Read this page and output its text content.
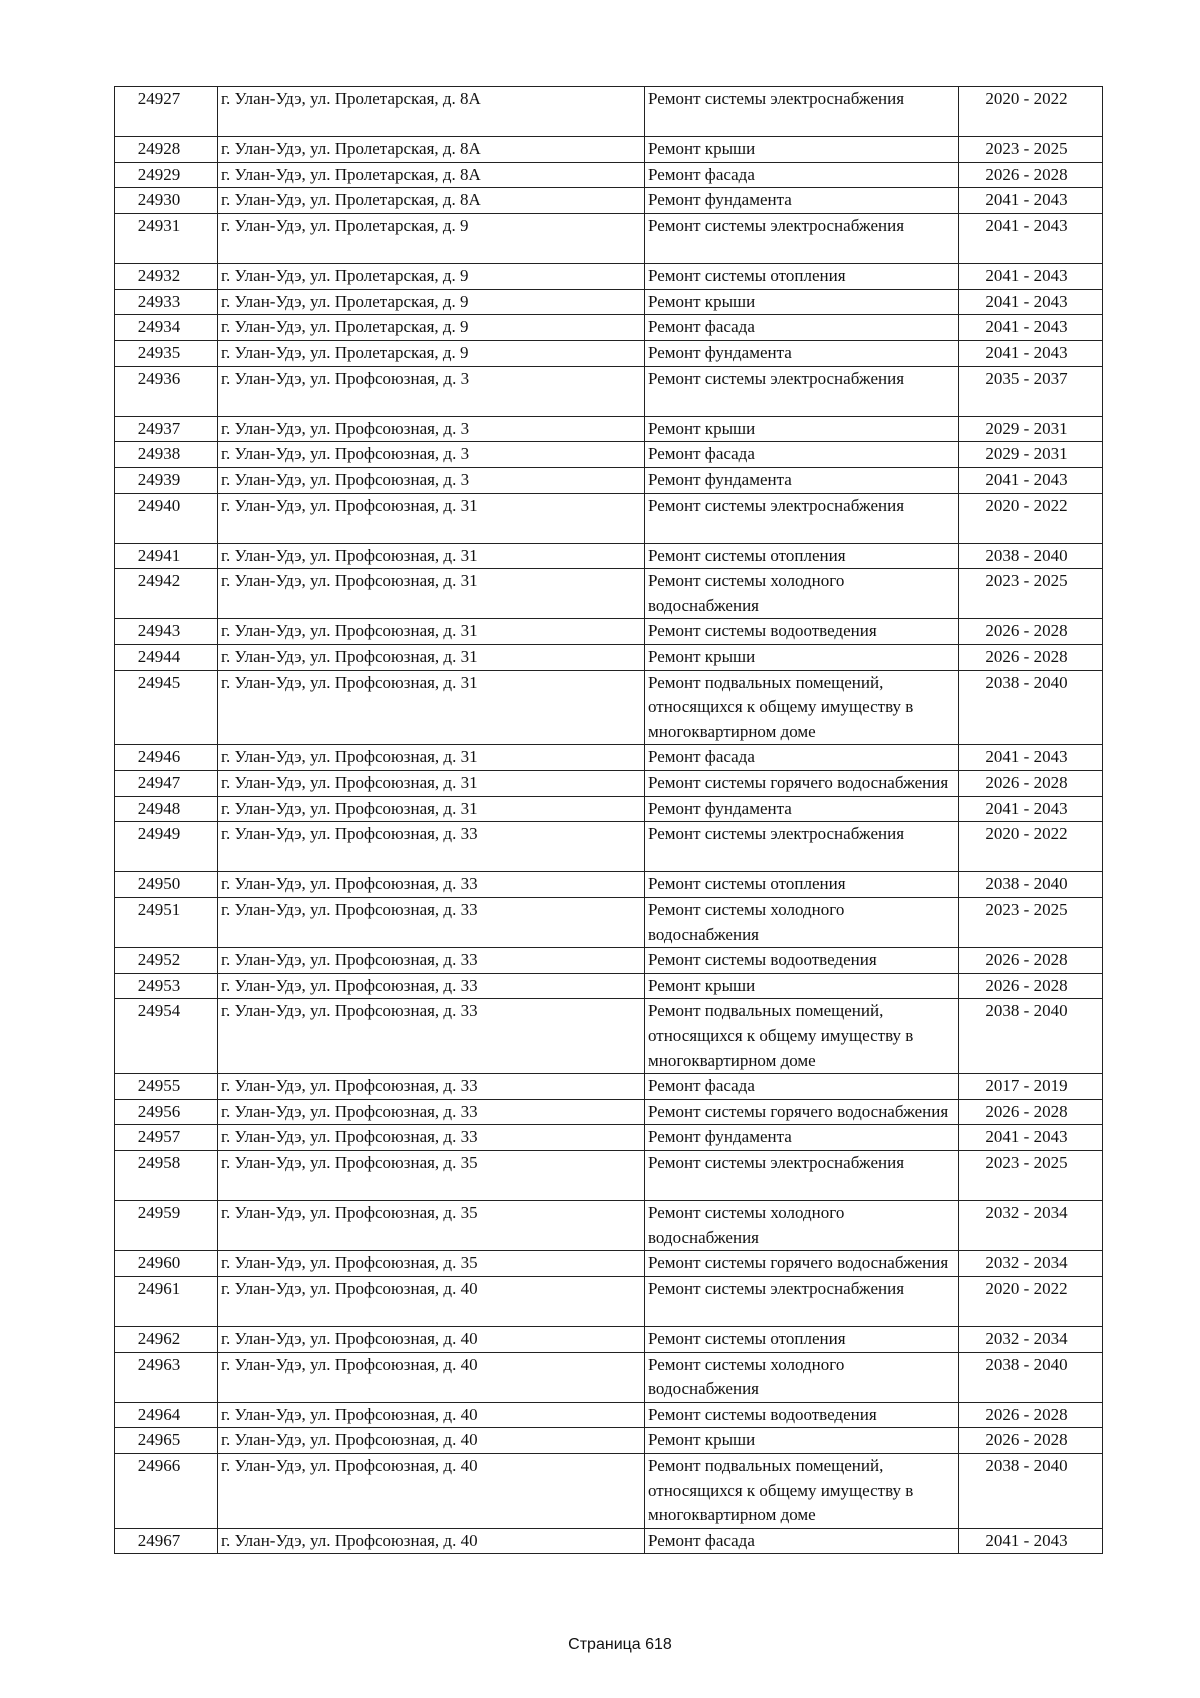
24927	г. Улан-Удэ, ул. Пролетарская, д. 8А	Ремонт системы электроснабжения	2020 - 2022
24928	г. Улан-Удэ, ул. Пролетарская, д. 8А	Ремонт крыши	2023 - 2025
24929	г. Улан-Удэ, ул. Пролетарская, д. 8А	Ремонт фасада	2026 - 2028
24930	г. Улан-Удэ, ул. Пролетарская, д. 8А	Ремонт фундамента	2041 - 2043
24931	г. Улан-Удэ, ул. Пролетарская, д. 9	Ремонт системы электроснабжения	2041 - 2043
24932	г. Улан-Удэ, ул. Пролетарская, д. 9	Ремонт системы отопления	2041 - 2043
24933	г. Улан-Удэ, ул. Пролетарская, д. 9	Ремонт крыши	2041 - 2043
24934	г. Улан-Удэ, ул. Пролетарская, д. 9	Ремонт фасада	2041 - 2043
24935	г. Улан-Удэ, ул. Пролетарская, д. 9	Ремонт фундамента	2041 - 2043
24936	г. Улан-Удэ, ул. Профсоюзная, д. 3	Ремонт системы электроснабжения	2035 - 2037
24937	г. Улан-Удэ, ул. Профсоюзная, д. 3	Ремонт крыши	2029 - 2031
24938	г. Улан-Удэ, ул. Профсоюзная, д. 3	Ремонт фасада	2029 - 2031
24939	г. Улан-Удэ, ул. Профсоюзная, д. 3	Ремонт фундамента	2041 - 2043
24940	г. Улан-Удэ, ул. Профсоюзная, д. 31	Ремонт системы электроснабжения	2020 - 2022
24941	г. Улан-Удэ, ул. Профсоюзная, д. 31	Ремонт системы отопления	2038 - 2040
24942	г. Улан-Удэ, ул. Профсоюзная, д. 31	Ремонт системы холодного водоснабжения	2023 - 2025
24943	г. Улан-Удэ, ул. Профсоюзная, д. 31	Ремонт системы водоотведения	2026 - 2028
24944	г. Улан-Удэ, ул. Профсоюзная, д. 31	Ремонт крыши	2026 - 2028
24945	г. Улан-Удэ, ул. Профсоюзная, д. 31	Ремонт подвальных помещений, относящихся к общему имуществу в многоквартирном доме	2038 - 2040
24946	г. Улан-Удэ, ул. Профсоюзная, д. 31	Ремонт фасада	2041 - 2043
24947	г. Улан-Удэ, ул. Профсоюзная, д. 31	Ремонт системы горячего водоснабжения	2026 - 2028
24948	г. Улан-Удэ, ул. Профсоюзная, д. 31	Ремонт фундамента	2041 - 2043
24949	г. Улан-Удэ, ул. Профсоюзная, д. 33	Ремонт системы электроснабжения	2020 - 2022
24950	г. Улан-Удэ, ул. Профсоюзная, д. 33	Ремонт системы отопления	2038 - 2040
24951	г. Улан-Удэ, ул. Профсоюзная, д. 33	Ремонт системы холодного водоснабжения	2023 - 2025
24952	г. Улан-Удэ, ул. Профсоюзная, д. 33	Ремонт системы водоотведения	2026 - 2028
24953	г. Улан-Удэ, ул. Профсоюзная, д. 33	Ремонт крыши	2026 - 2028
24954	г. Улан-Удэ, ул. Профсоюзная, д. 33	Ремонт подвальных помещений, относящихся к общему имуществу в многоквартирном доме	2038 - 2040
24955	г. Улан-Удэ, ул. Профсоюзная, д. 33	Ремонт фасада	2017 - 2019
24956	г. Улан-Удэ, ул. Профсоюзная, д. 33	Ремонт системы горячего водоснабжения	2026 - 2028
24957	г. Улан-Удэ, ул. Профсоюзная, д. 33	Ремонт фундамента	2041 - 2043
24958	г. Улан-Удэ, ул. Профсоюзная, д. 35	Ремонт системы электроснабжения	2023 - 2025
24959	г. Улан-Удэ, ул. Профсоюзная, д. 35	Ремонт системы холодного водоснабжения	2032 - 2034
24960	г. Улан-Удэ, ул. Профсоюзная, д. 35	Ремонт системы горячего водоснабжения	2032 - 2034
24961	г. Улан-Удэ, ул. Профсоюзная, д. 40	Ремонт системы электроснабжения	2020 - 2022
24962	г. Улан-Удэ, ул. Профсоюзная, д. 40	Ремонт системы отопления	2032 - 2034
24963	г. Улан-Удэ, ул. Профсоюзная, д. 40	Ремонт системы холодного водоснабжения	2038 - 2040
24964	г. Улан-Удэ, ул. Профсоюзная, д. 40	Ремонт системы водоотведения	2026 - 2028
24965	г. Улан-Удэ, ул. Профсоюзная, д. 40	Ремонт крыши	2026 - 2028
24966	г. Улан-Удэ, ул. Профсоюзная, д. 40	Ремонт подвальных помещений, относящихся к общему имуществу в многоквартирном доме	2038 - 2040
24967	г. Улан-Удэ, ул. Профсоюзная, д. 40	Ремонт фасада	2041 - 2043
Страница 618
